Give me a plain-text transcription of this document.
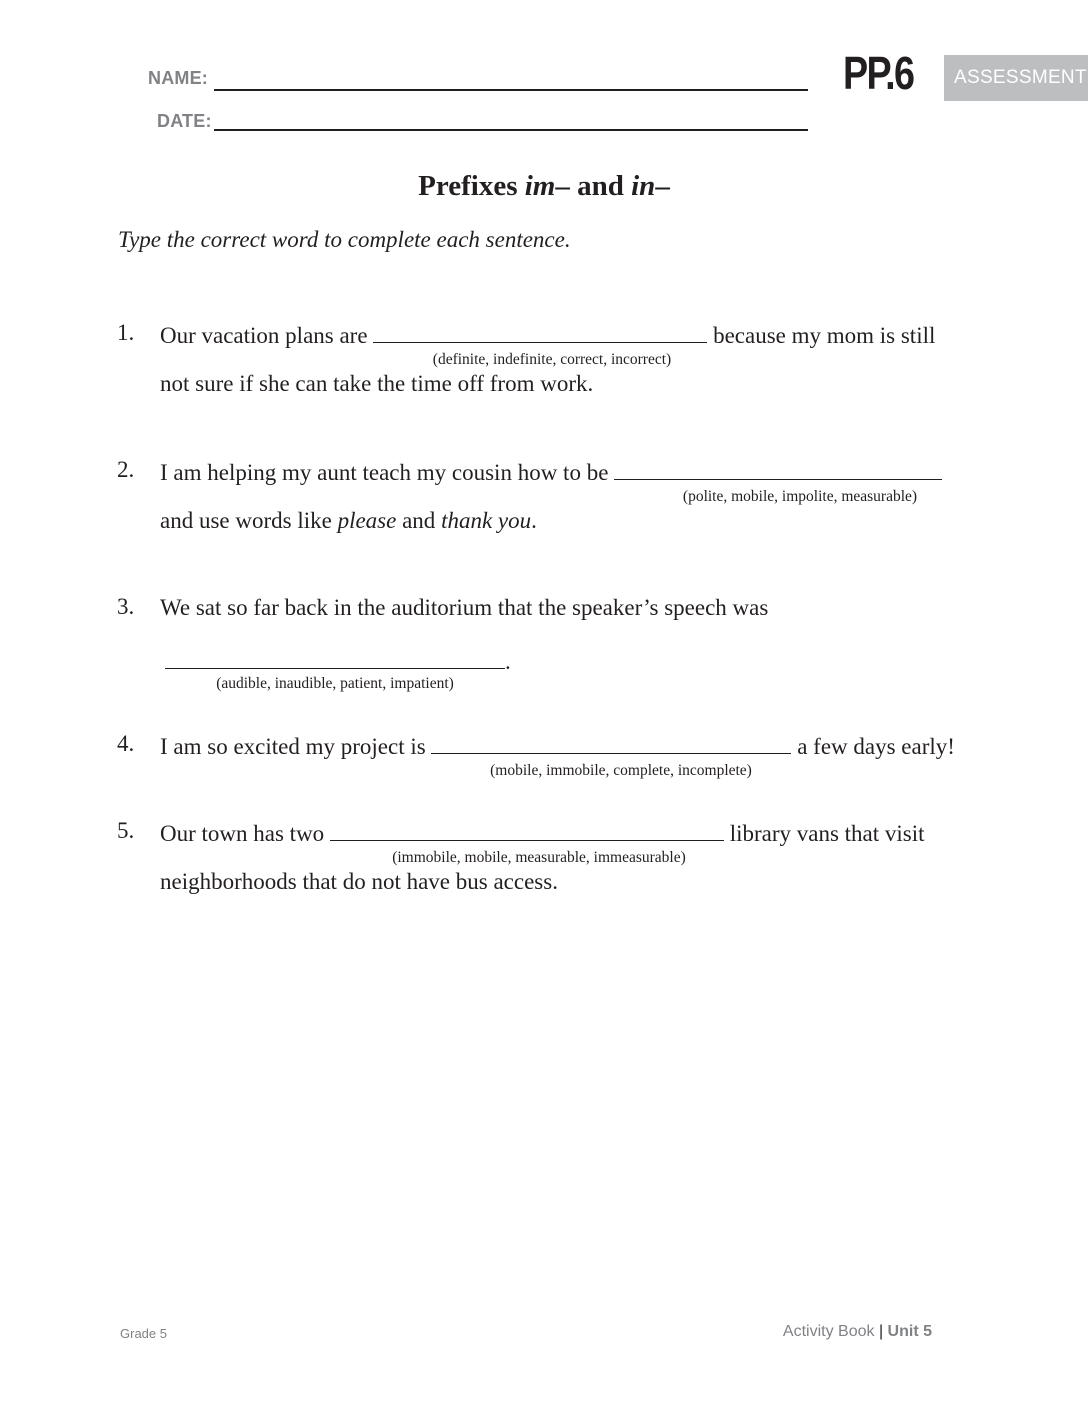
NAME:
DATE:
PP.6	ASSESSMENT
Prefixes im– and in–
Type the correct word to complete each sentence.
1. Our vacation plans are	because my mom is still
(definite, indefinite, correct, incorrect)
not sure if she can take the time off from work.
2. I am helping my aunt teach my cousin how to be
(polite, mobile, impolite, measurable)
and use words like please and thank you.
3. We sat so far back in the auditorium that the speaker’s speech was
.
(audible, inaudible, patient, impatient)
4. I am so excited my project is	a few days early!
(mobile, immobile, complete, incomplete)
5. Our town has two	library vans that visit
(immobile, mobile, measurable, immeasurable)
neighborhoods that do not have bus access.
Grade 5	Activity Book | Unit 5
